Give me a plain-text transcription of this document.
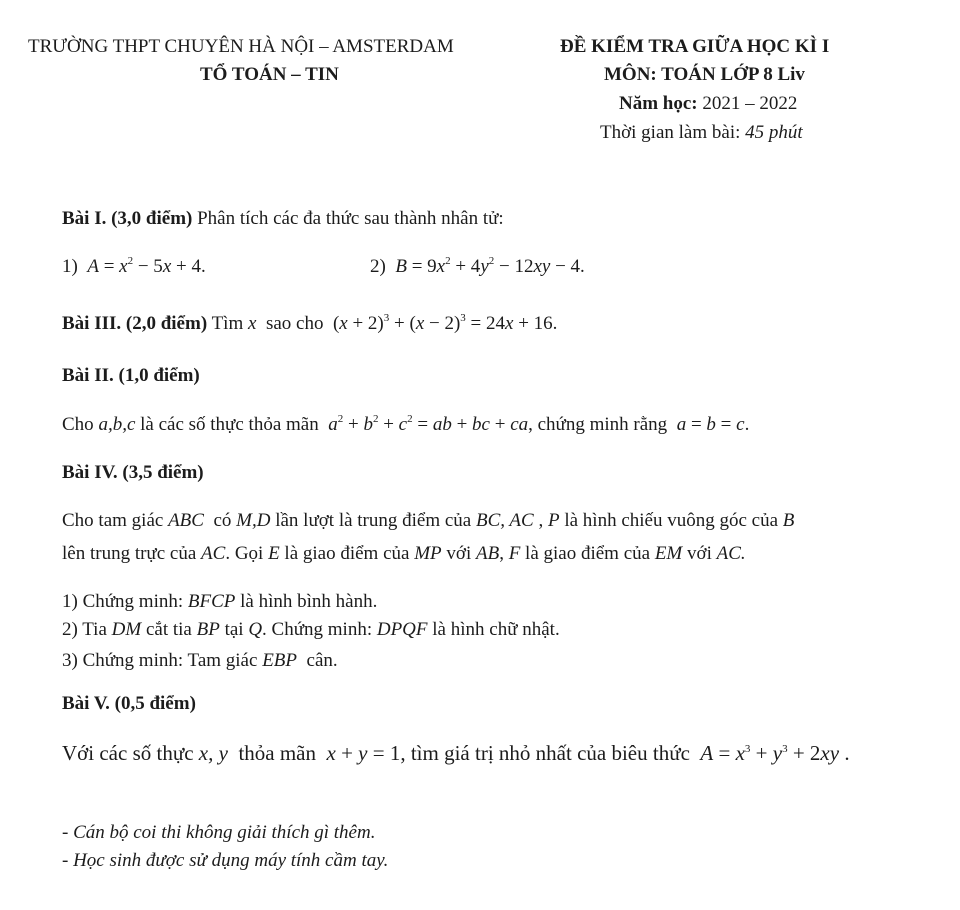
TRƯỜNG THPT CHUYÊN HÀ NỘI – AMSTERDAM
TỔ TOÁN – TIN
ĐỀ KIỂM TRA GIỮA HỌC KÌ I
MÔN: TOÁN LỚP 8 Liv
Năm học: 2021 – 2022
Thời gian làm bài: 45 phút
Bài I. (3,0 điểm) Phân tích các đa thức sau thành nhân tử:
1) $A = x^2 - 5x + 4$.	2) $B = 9x^2 + 4y^2 - 12xy - 4$.
Bài III. (2,0 điểm) Tìm x sao cho  $(x + 2)^3 + (x - 2)^3 = 24x + 16$.
Bài II. (1,0 điểm)
Cho a,b,c là các số thực thỏa mãn $a^2 + b^2 + c^2$ = ab + bc + ca, chứng minh rằng a = b = c.
Bài IV. (3,5 điểm)
Cho tam giác ABC có M,D lần lượt là trung điểm của BC, AC , P là hình chiếu vuông góc của B
lên trung trực của AC. Gọi E là giao điểm của MP với AB, F là giao điểm của EM với AC.
1) Chứng minh: BFCP là hình bình hành.
2) Tia DM cắt tia BP tại Q. Chứng minh: DPQF là hình chữ nhật.
3) Chứng minh: Tam giác EBP cân.
Bài V. (0,5 điểm)
Với các số thực x, y thỏa mãn x + y = 1, tìm giá trị nhỏ nhất của biêu thức $A = x^3 + y^3 + 2xy$ .
- Cán bộ coi thi không giải thích gì thêm.
- Học sinh được sử dụng máy tính cầm tay.
